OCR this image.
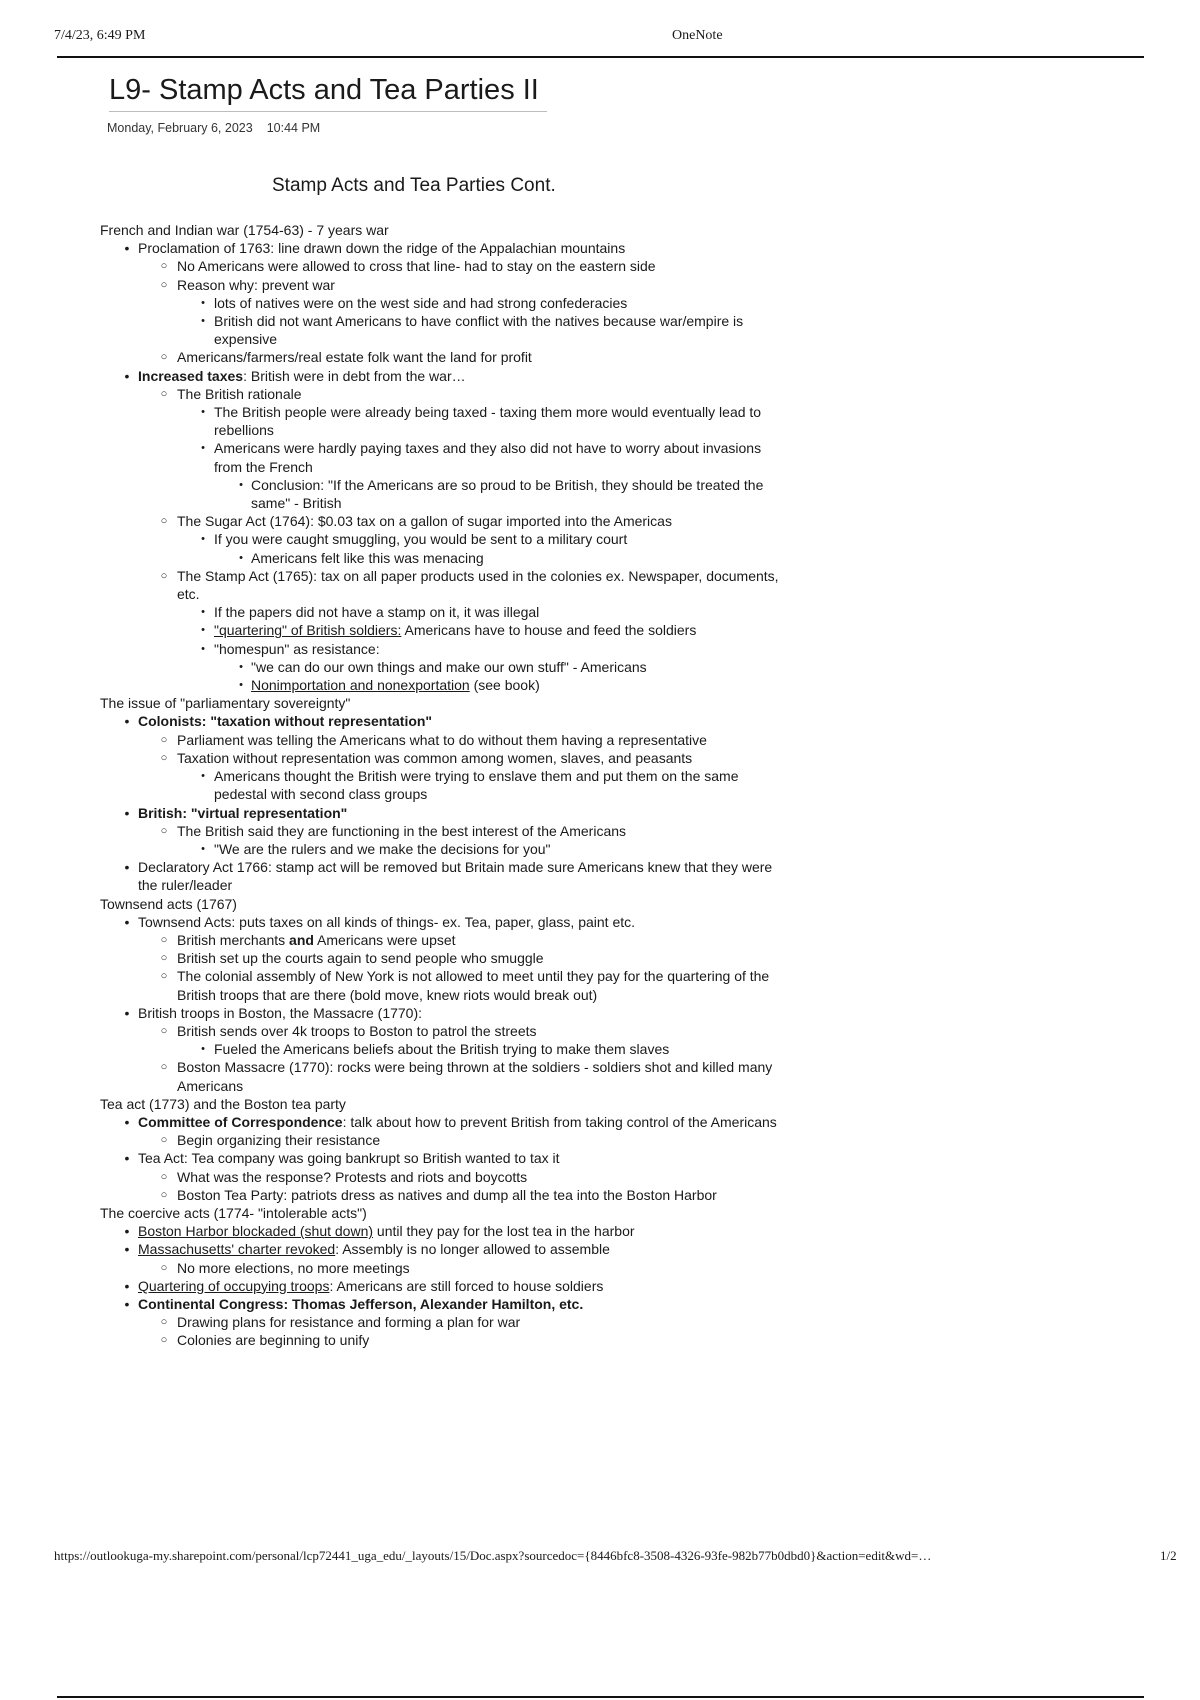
7/4/23, 6:49 PM	OneNote
L9- Stamp Acts and Tea Parties II
Monday, February 6, 2023 10:44 PM
Stamp Acts and Tea Parties Cont.
French and Indian war (1754-63) - 7 years war
• Proclamation of 1763: line drawn down the ridge of the Appalachian mountains
○ No Americans were allowed to cross that line- had to stay on the eastern side
○ Reason why: prevent war
• lots of natives were on the west side and had strong confederacies
• British did not want Americans to have conflict with the natives because war/empire is expensive
○ Americans/farmers/real estate folk want the land for profit
• Increased taxes: British were in debt from the war…
○ The British rationale
• The British people were already being taxed - taxing them more would eventually lead to rebellions
• Americans were hardly paying taxes and they also did not have to worry about invasions from the French
• Conclusion: "If the Americans are so proud to be British, they should be treated the same" - British
○ The Sugar Act (1764): $0.03 tax on a gallon of sugar imported into the Americas
• If you were caught smuggling, you would be sent to a military court
• Americans felt like this was menacing
○ The Stamp Act (1765): tax on all paper products used in the colonies ex. Newspaper, documents, etc.
• If the papers did not have a stamp on it, it was illegal
• "quartering" of British soldiers: Americans have to house and feed the soldiers
• "homespun" as resistance:
• "we can do our own things and make our own stuff" - Americans
• Nonimportation and nonexportation (see book)
The issue of "parliamentary sovereignty"
• Colonists: "taxation without representation"
○ Parliament was telling the Americans what to do without them having a representative
○ Taxation without representation was common among women, slaves, and peasants
• Americans thought the British were trying to enslave them and put them on the same pedestal with second class groups
• British: "virtual representation"
○ The British said they are functioning in the best interest of the Americans
• "We are the rulers and we make the decisions for you"
• Declaratory Act 1766: stamp act will be removed but Britain made sure Americans knew that they were the ruler/leader
Townsend acts (1767)
• Townsend Acts: puts taxes on all kinds of things- ex. Tea, paper, glass, paint etc.
○ British merchants and Americans were upset
○ British set up the courts again to send people who smuggle
○ The colonial assembly of New York is not allowed to meet until they pay for the quartering of the British troops that are there (bold move, knew riots would break out)
• British troops in Boston, the Massacre (1770):
○ British sends over 4k troops to Boston to patrol the streets
• Fueled the Americans beliefs about the British trying to make them slaves
○ Boston Massacre (1770): rocks were being thrown at the soldiers - soldiers shot and killed many Americans
Tea act (1773) and the Boston tea party
• Committee of Correspondence: talk about how to prevent British from taking control of the Americans
○ Begin organizing their resistance
• Tea Act: Tea company was going bankrupt so British wanted to tax it
○ What was the response? Protests and riots and boycotts
○ Boston Tea Party: patriots dress as natives and dump all the tea into the Boston Harbor
The coercive acts (1774- "intolerable acts")
• Boston Harbor blockaded (shut down) until they pay for the lost tea in the harbor
• Massachusetts' charter revoked: Assembly is no longer allowed to assemble
○ No more elections, no more meetings
• Quartering of occupying troops: Americans are still forced to house soldiers
• Continental Congress: Thomas Jefferson, Alexander Hamilton, etc.
○ Drawing plans for resistance and forming a plan for war
○ Colonies are beginning to unify
https://outlookuga-my.sharepoint.com/personal/lcp72441_uga_edu/_layouts/15/Doc.aspx?sourcedoc={8446bfc8-3508-4326-93fe-982b77b0dbd0}&action=edit&wd=…	1/2
